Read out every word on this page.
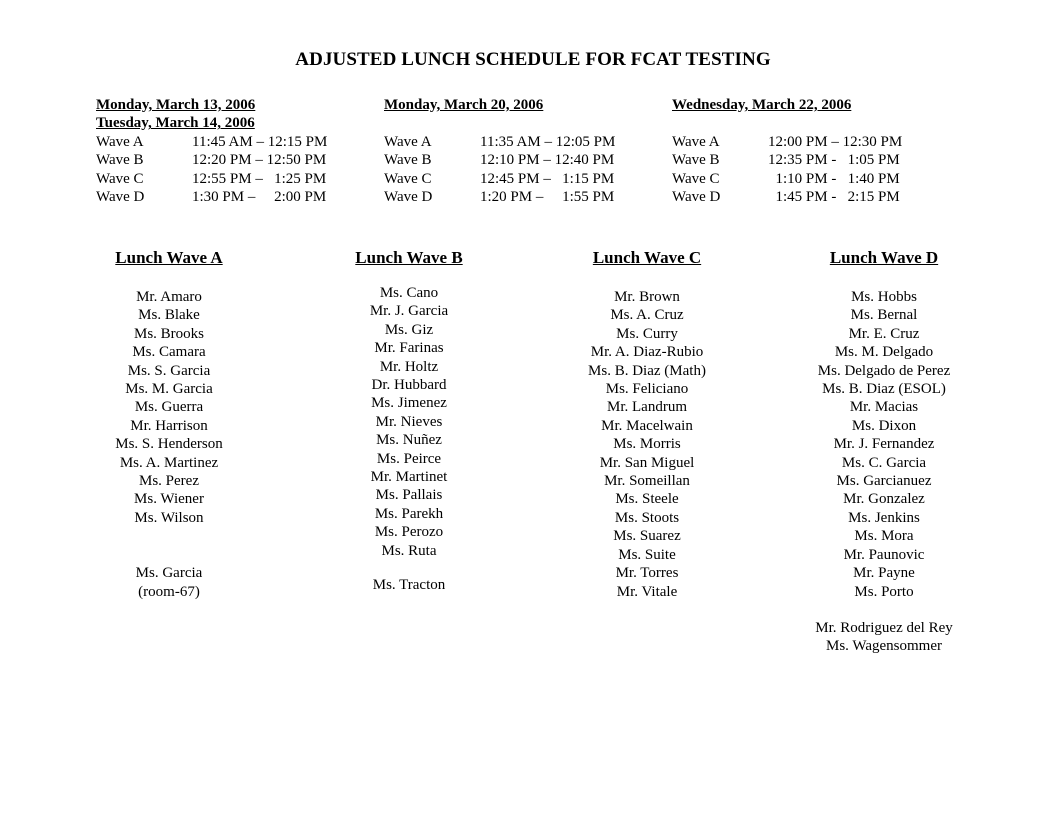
ADJUSTED LUNCH SCHEDULE FOR FCAT TESTING
Monday, March 13, 2006
Tuesday, March 14, 2006
Wave A	11:45 AM – 12:15 PM
Wave B	12:20 PM – 12:50 PM
Wave C	12:55 PM –   1:25 PM
Wave D	1:30 PM –     2:00 PM
Monday, March 20, 2006
Wave A	11:35 AM – 12:05 PM
Wave B	12:10 PM – 12:40 PM
Wave C	12:45 PM –   1:15 PM
Wave D	1:20 PM –     1:55 PM
Wednesday, March 22, 2006
Wave A	12:00 PM – 12:30 PM
Wave B	12:35 PM -   1:05 PM
Wave C	1:10 PM -   1:40 PM
Wave D	1:45 PM -   2:15 PM
Lunch Wave A
Mr. Amaro
Ms. Blake
Ms. Brooks
Ms. Camara
Ms. S. Garcia
Ms. M. Garcia
Ms. Guerra
Mr. Harrison
Ms. S. Henderson
Ms. A. Martinez
Ms. Perez
Ms. Wiener
Ms. Wilson
Ms. Garcia
(room-67)
Lunch Wave B
Ms. Cano
Mr. J. Garcia
Ms. Giz
Mr. Farinas
Mr. Holtz
Dr. Hubbard
Ms. Jimenez
Mr. Nieves
Ms. Nuñez
Ms. Peirce
Mr. Martinet
Ms. Pallais
Ms. Parekh
Ms. Perozo
Ms. Ruta
Ms. Tracton
Lunch Wave C
Mr. Brown
Ms. A. Cruz
Ms. Curry
Mr. A. Diaz-Rubio
Ms. B. Diaz (Math)
Ms. Feliciano
Mr. Landrum
Mr. Macelwain
Ms. Morris
Mr. San Miguel
Mr. Someillan
Ms. Steele
Ms. Stoots
Ms. Suarez
Ms. Suite
Mr. Torres
Mr. Vitale
Lunch Wave D
Ms. Hobbs
Ms. Bernal
Mr. E. Cruz
Ms. M. Delgado
Ms. Delgado de Perez
Ms. B. Diaz (ESOL)
Mr. Macias
Ms. Dixon
Mr. J. Fernandez
Ms. C. Garcia
Ms. Garcianuez
Mr. Gonzalez
Ms. Jenkins
Ms. Mora
Mr. Paunovic
Mr. Payne
Ms. Porto
Mr. Rodriguez del Rey
Ms. Wagensommer
